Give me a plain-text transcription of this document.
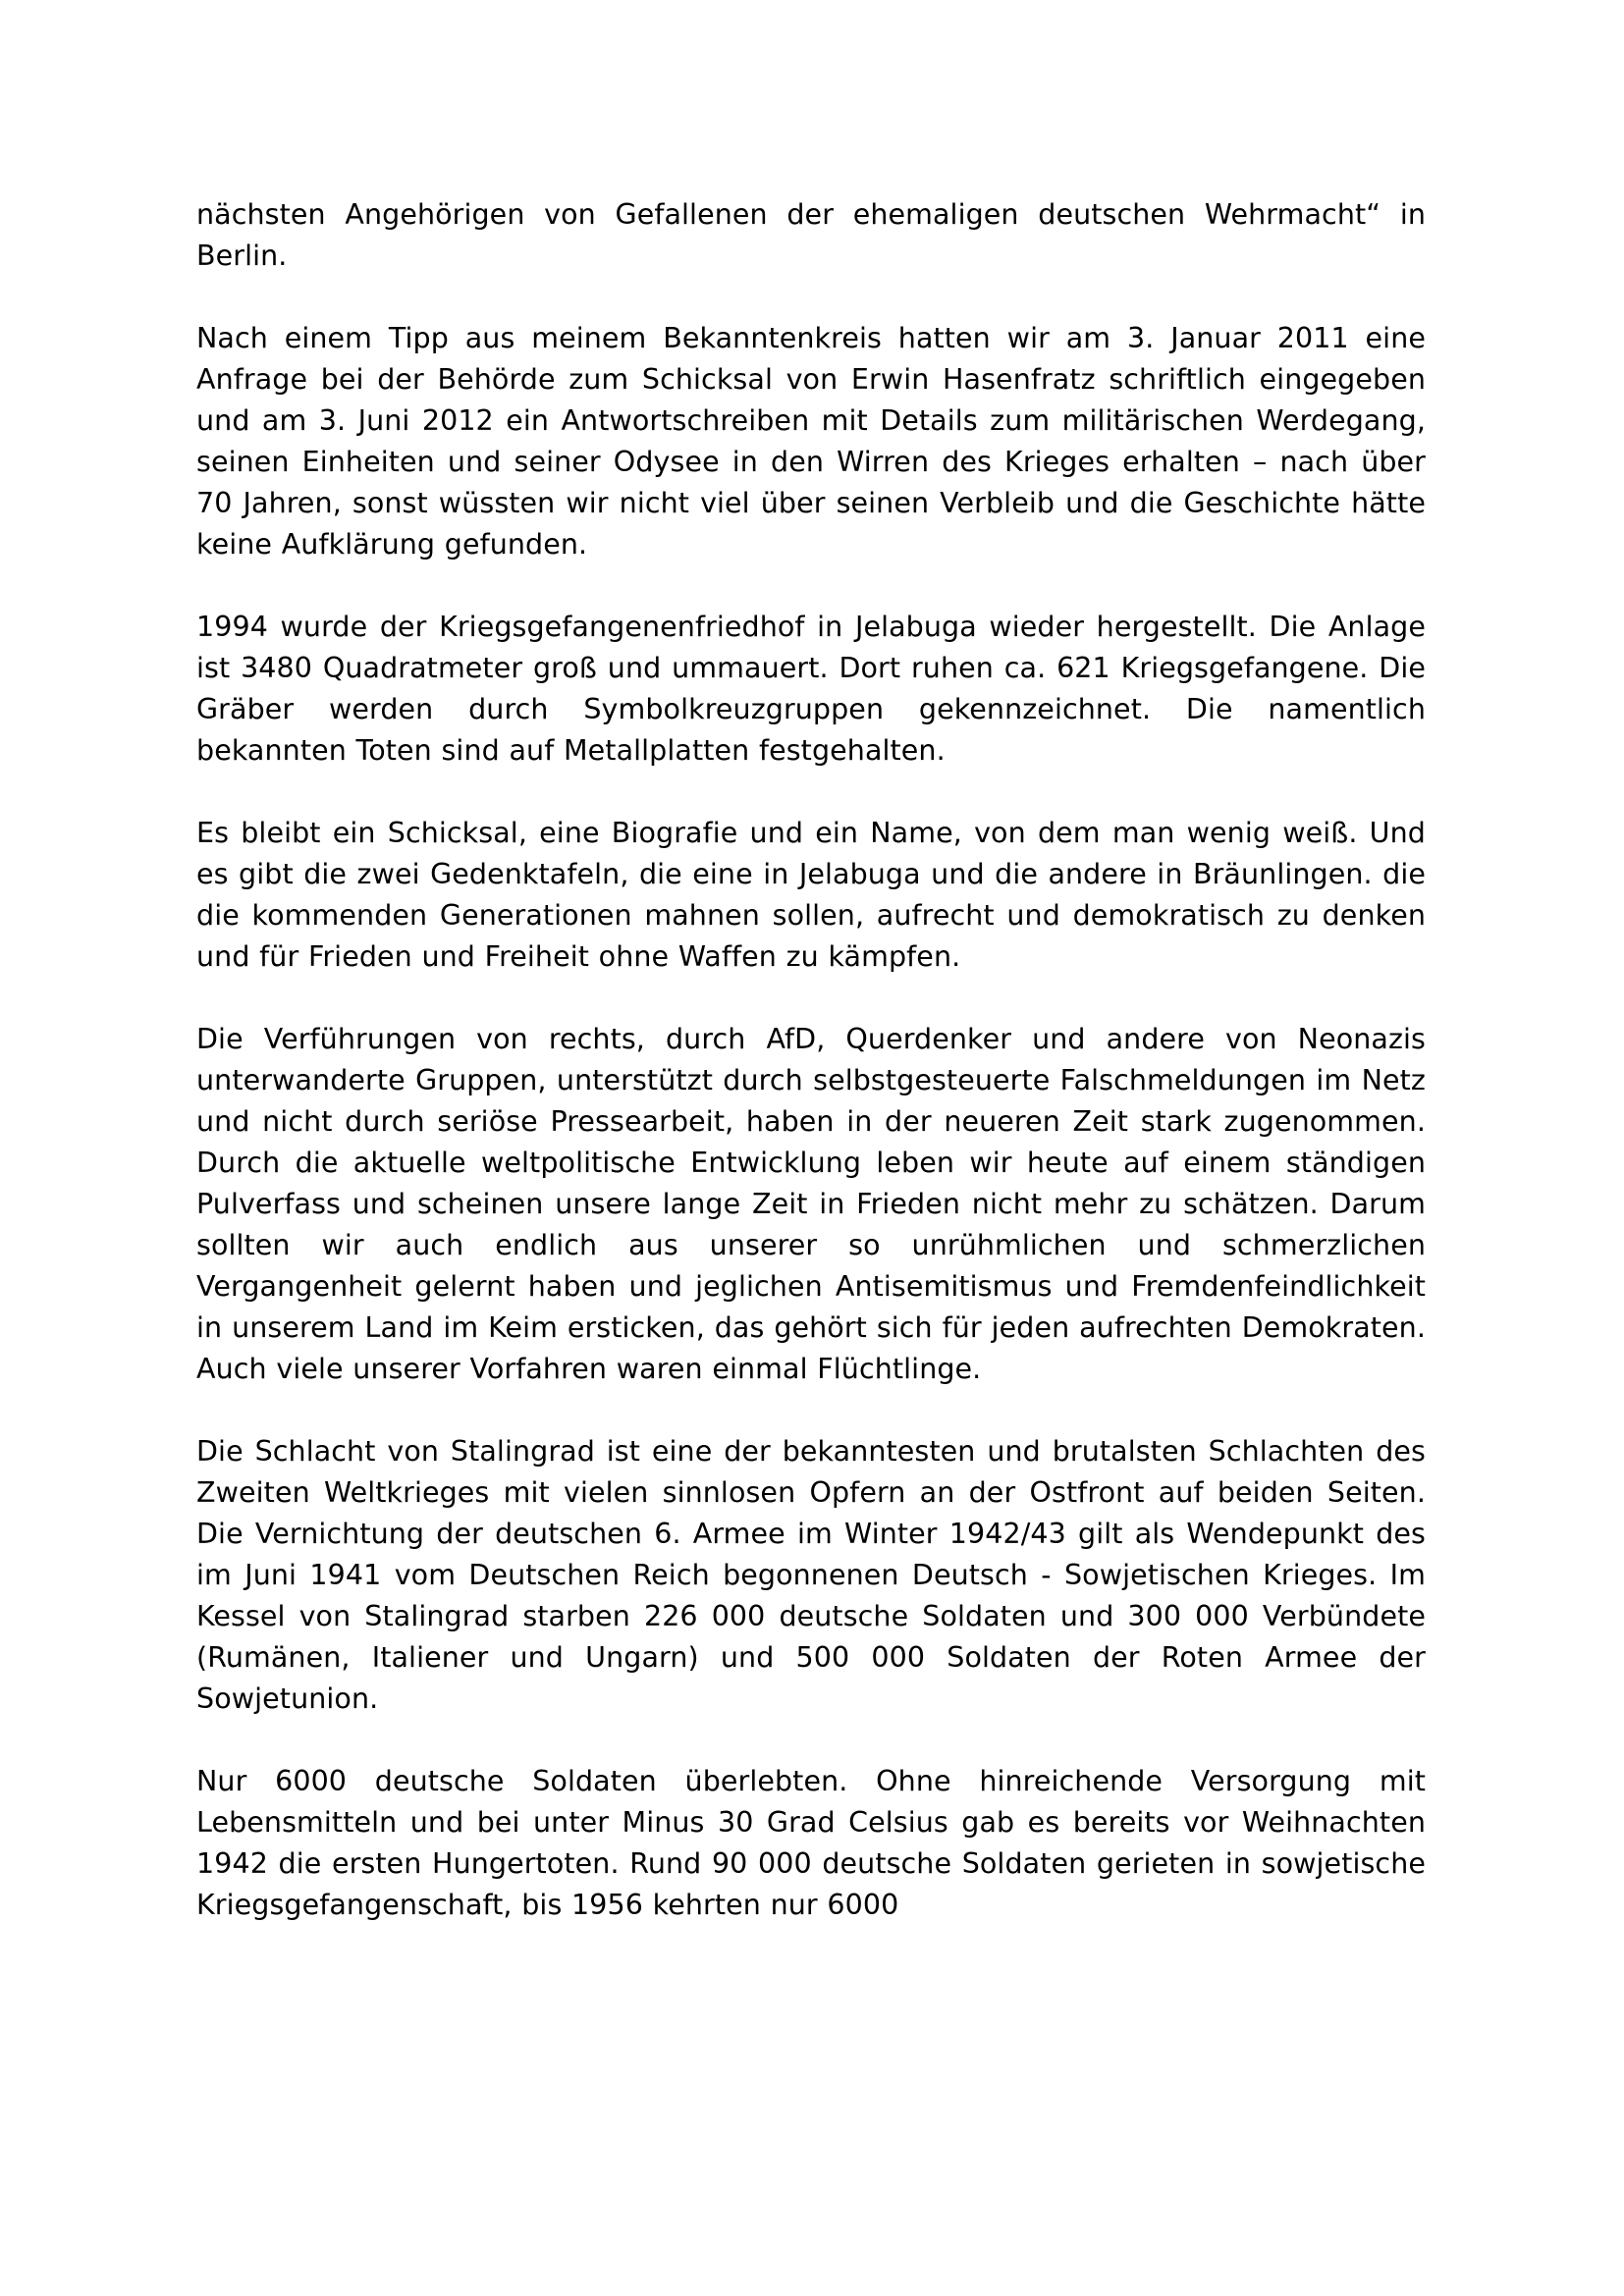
nächsten Angehörigen von Gefallenen der ehemaligen deutschen Wehrmacht“ in Berlin.

Nach einem Tipp aus meinem Bekanntenkreis hatten wir am 3. Januar 2011 eine Anfrage bei der Behörde zum Schicksal von Erwin Hasenfratz schriftlich eingegeben und am 3. Juni 2012 ein Antwortschreiben mit Details zum militärischen Werdegang, seinen Einheiten und seiner Odysee in den Wirren des Krieges erhalten – nach über 70 Jahren, sonst wüssten wir nicht viel über seinen Verbleib und die Geschichte hätte keine Aufklärung gefunden.

1994 wurde der Kriegsgefangenenfriedhof in Jelabuga wieder hergestellt. Die Anlage ist 3480 Quadratmeter groß und ummauert. Dort ruhen ca. 621 Kriegsgefangene. Die Gräber werden durch Symbolkreuzgruppen gekennzeichnet. Die namentlich bekannten Toten sind auf Metallplatten festgehalten.

Es bleibt ein Schicksal, eine Biografie und ein Name, von dem man wenig weiß. Und es gibt die zwei Gedenktafeln, die eine in Jelabuga und die andere in Bräunlingen. die die kommenden Generationen mahnen sollen, aufrecht und demokratisch zu denken und für Frieden und Freiheit ohne Waffen zu kämpfen.

Die Verführungen von rechts, durch AfD, Querdenker und andere von Neonazis unterwanderte Gruppen, unterstützt durch selbstgesteuerte Falschmeldungen im Netz und nicht durch seriöse Pressearbeit, haben in der neueren Zeit stark zugenommen. Durch die aktuelle weltpolitische Entwicklung leben wir heute auf einem ständigen Pulverfass und scheinen unsere lange Zeit in Frieden nicht mehr zu schätzen. Darum sollten wir auch endlich aus unserer so unrühmlichen und schmerzlichen Vergangenheit gelernt haben und jeglichen Antisemitismus und Fremdenfeindlichkeit in unserem Land im Keim ersticken, das gehört sich für jeden aufrechten Demokraten. Auch viele unserer Vorfahren waren einmal Flüchtlinge.

Die Schlacht von Stalingrad ist eine der bekanntesten und brutalsten Schlachten des Zweiten Weltkrieges mit vielen sinnlosen Opfern an der Ostfront auf beiden Seiten. Die Vernichtung der deutschen 6. Armee im Winter 1942/43 gilt als Wendepunkt des im Juni 1941 vom Deutschen Reich begonnenen Deutsch - Sowjetischen Krieges. Im Kessel von Stalingrad starben 226 000 deutsche Soldaten und 300 000 Verbündete (Rumänen, Italiener und Ungarn) und 500 000 Soldaten der Roten Armee der Sowjetunion.

Nur 6000 deutsche Soldaten überlebten. Ohne hinreichende Versorgung mit Lebensmitteln und bei unter Minus 30 Grad Celsius gab es bereits vor Weihnachten 1942 die ersten Hungertoten. Rund 90 000 deutsche Soldaten gerieten in sowjetische Kriegsgefangenschaft, bis 1956 kehrten nur 6000
